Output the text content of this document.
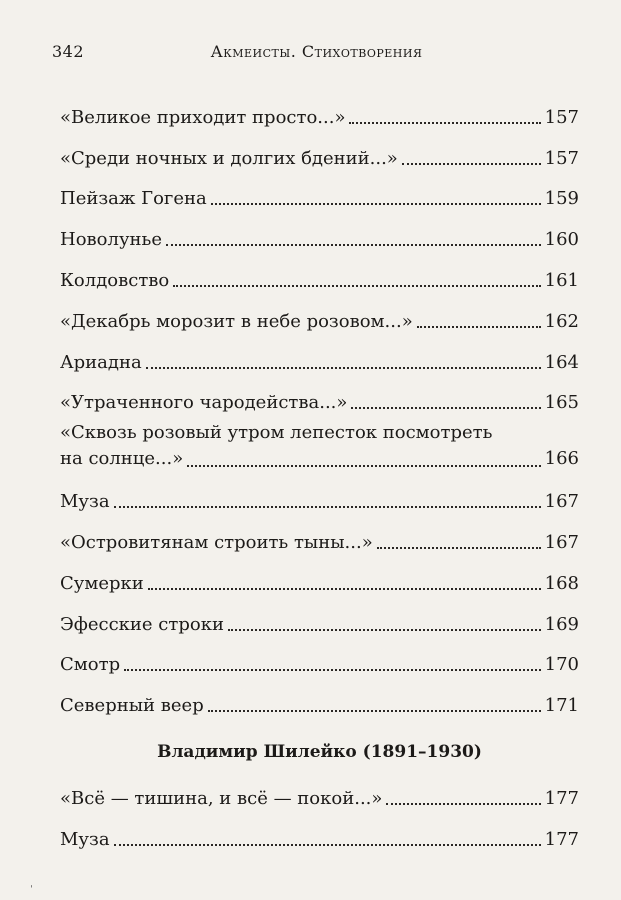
342	Акмеисты. Стихотворения
«Великое приходит просто...»	157
«Среди ночных и долгих бдений...»	157
Пейзаж Гогена	159
Новолунье	160
Колдовство	161
«Декабрь морозит в небе розовом...»	162
Ариадна	164
«Утраченного чародейства...»	165
«Сквозь розовый утром лепесток посмотреть
на солнце...»	166
Муза	167
«Островитянам строить тыны...»	167
Сумерки	168
Эфесские строки	169
Смотр	170
Северный веер	171
Владимир Шилейко (1891–1930)
«Всё — тишина, и всё — покой...»	177
Муза	177
ˈ
